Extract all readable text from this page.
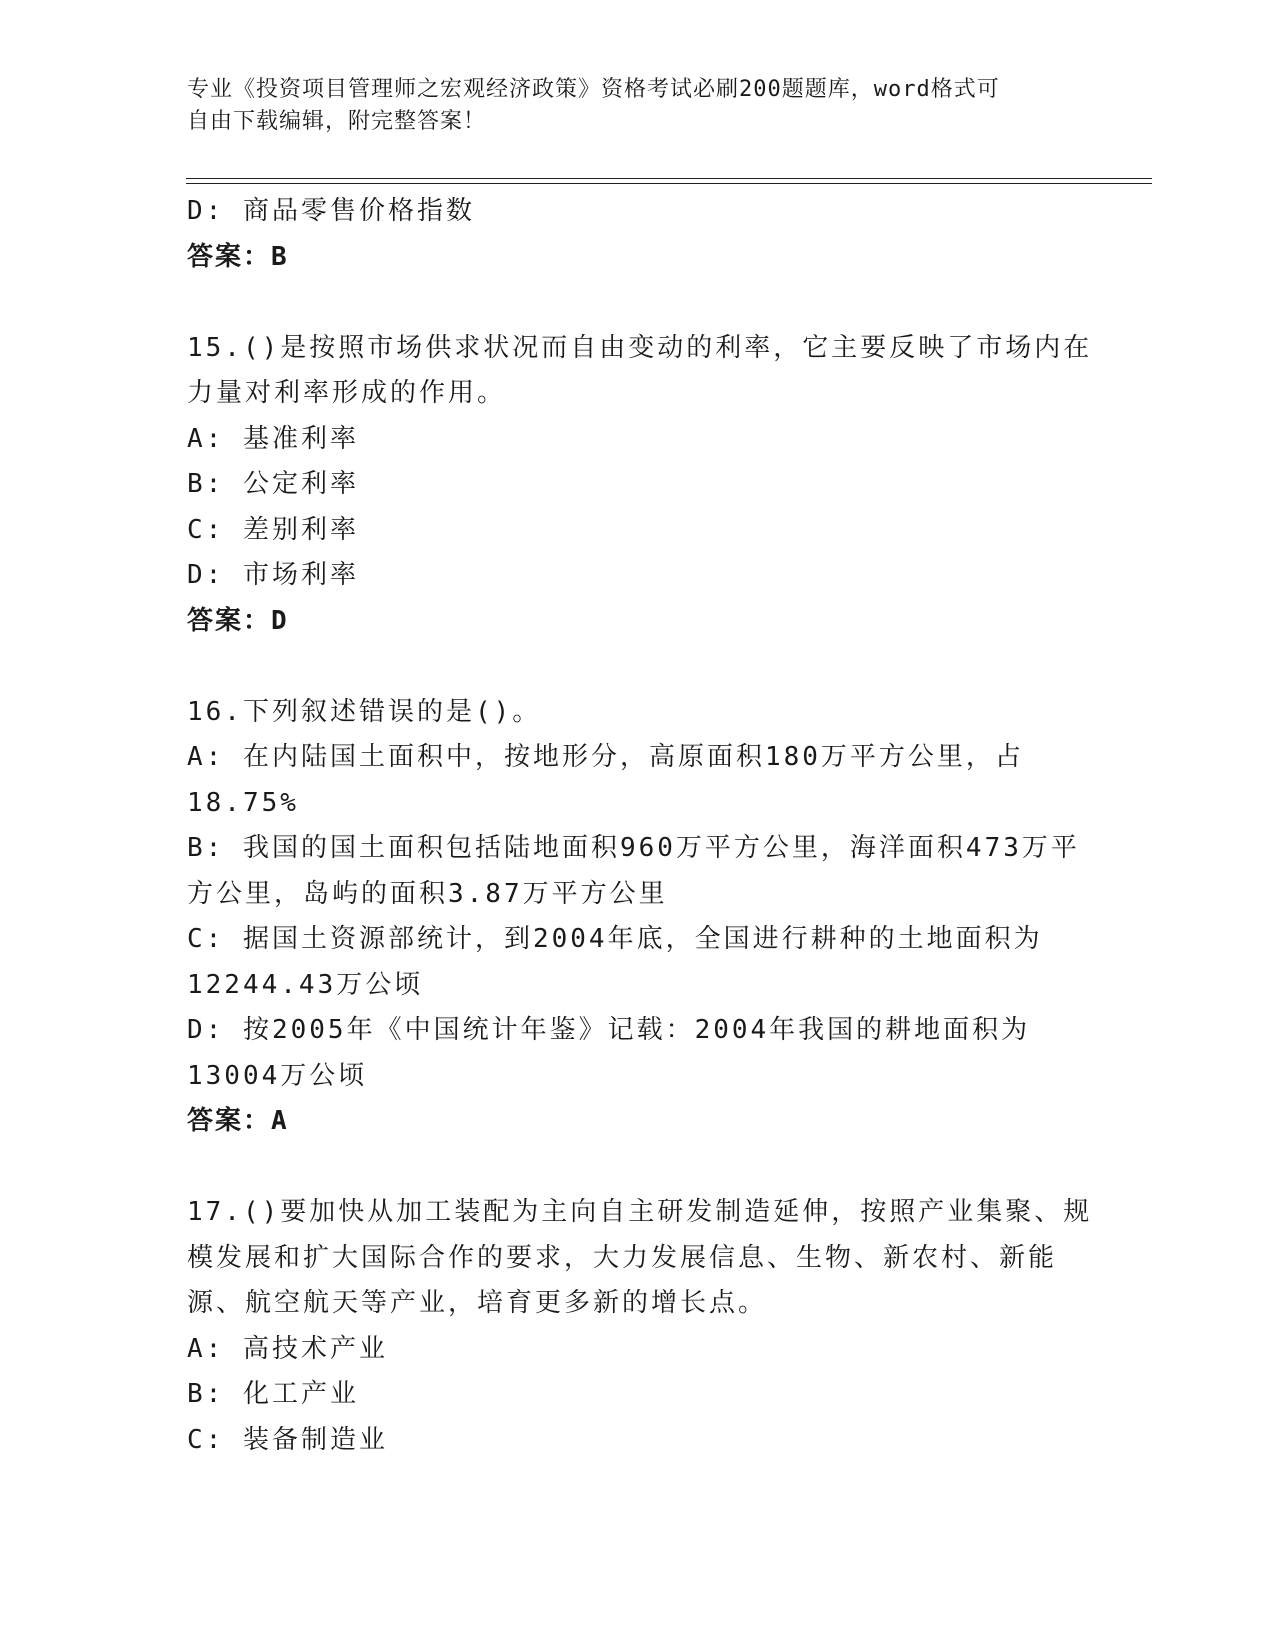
专业《投资项目管理师之宏观经济政策》资格考试必刷200题题库，word格式可
自由下载编辑，附完整答案！
D: 商品零售价格指数
答案：B
15.()是按照市场供求状况而自由变动的利率，它主要反映了市场内在
力量对利率形成的作用。
A: 基准利率
B: 公定利率
C: 差别利率
D: 市场利率
答案：D
16.下列叙述错误的是()。
A: 在内陆国土面积中，按地形分，高原面积180万平方公里，占
18.75%
B: 我国的国土面积包括陆地面积960万平方公里，海洋面积473万平
方公里，岛屿的面积3.87万平方公里
C: 据国土资源部统计，到2004年底，全国进行耕种的土地面积为
12244.43万公顷
D: 按2005年《中国统计年鉴》记载：2004年我国的耕地面积为
13004万公顷
答案：A
17.()要加快从加工装配为主向自主研发制造延伸，按照产业集聚、规
模发展和扩大国际合作的要求，大力发展信息、生物、新农村、新能
源、航空航天等产业，培育更多新的增长点。
A: 高技术产业
B: 化工产业
C: 装备制造业
